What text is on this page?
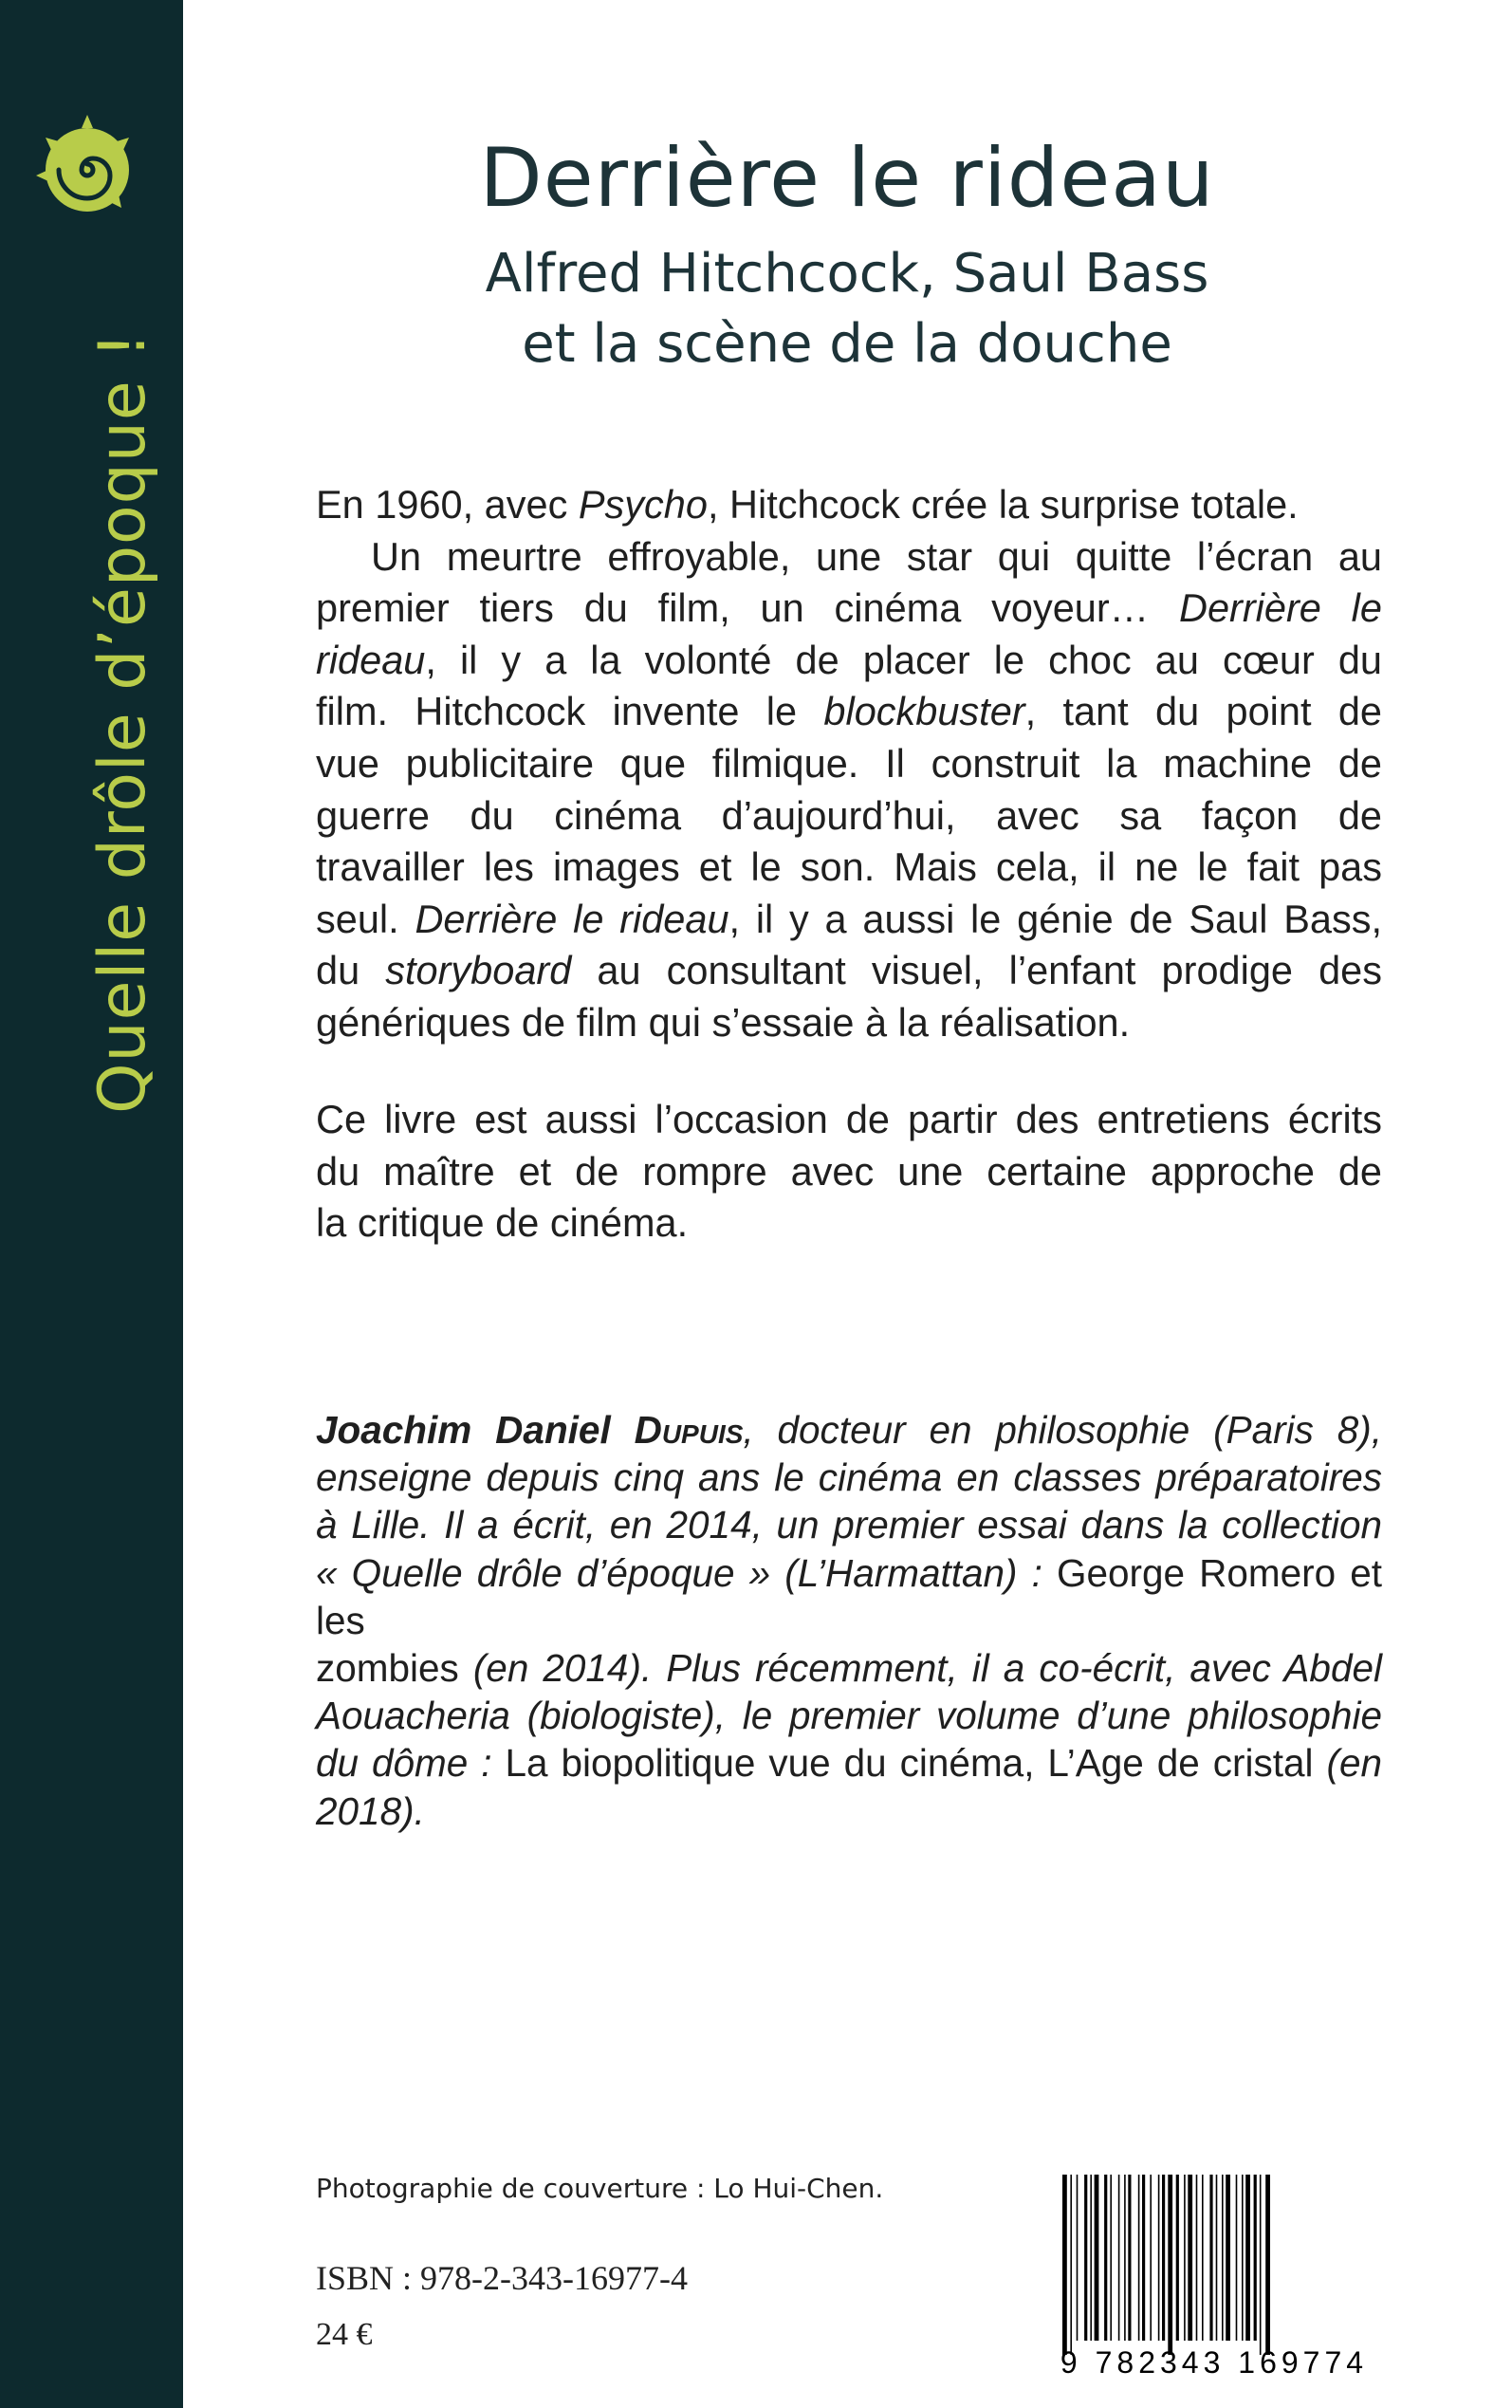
Quelle drôle d’époque !
Derrière le rideau
Alfred Hitchcock, Saul Bass
et la scène de la douche
En 1960, avec Psycho, Hitchcock crée la surprise totale.
Un meurtre effroyable, une star qui quitte l’écran au
premier tiers du film, un cinéma voyeur… Derrière le
rideau, il y a la volonté de placer le choc au cœur du
film. Hitchcock invente le blockbuster, tant du point de
vue publicitaire que filmique. Il construit la machine de
guerre du cinéma d’aujourd’hui, avec sa façon de
travailler les images et le son. Mais cela, il ne le fait pas
seul. Derrière le rideau, il y a aussi le génie de Saul Bass,
du storyboard au consultant visuel, l’enfant prodige des
génériques de film qui s’essaie à la réalisation.
Ce livre est aussi l’occasion de partir des entretiens écrits
du maître et de rompre avec une certaine approche de
la critique de cinéma.
Joachim Daniel Dupuis, docteur en philosophie (Paris 8),
enseigne depuis cinq ans le cinéma en classes préparatoires
à Lille. Il a écrit, en 2014, un premier essai dans la collection
« Quelle drôle d’époque » (L’Harmattan) : George Romero et les
zombies (en 2014). Plus récemment, il a co-écrit, avec Abdel
Aouacheria (biologiste), le premier volume d’une philosophie
du dôme : La biopolitique vue du cinéma, L’Age de cristal (en
2018).
Photographie de couverture : Lo Hui-Chen.
ISBN : 978-2-343-16977-4
24 €
9 782343 169774
